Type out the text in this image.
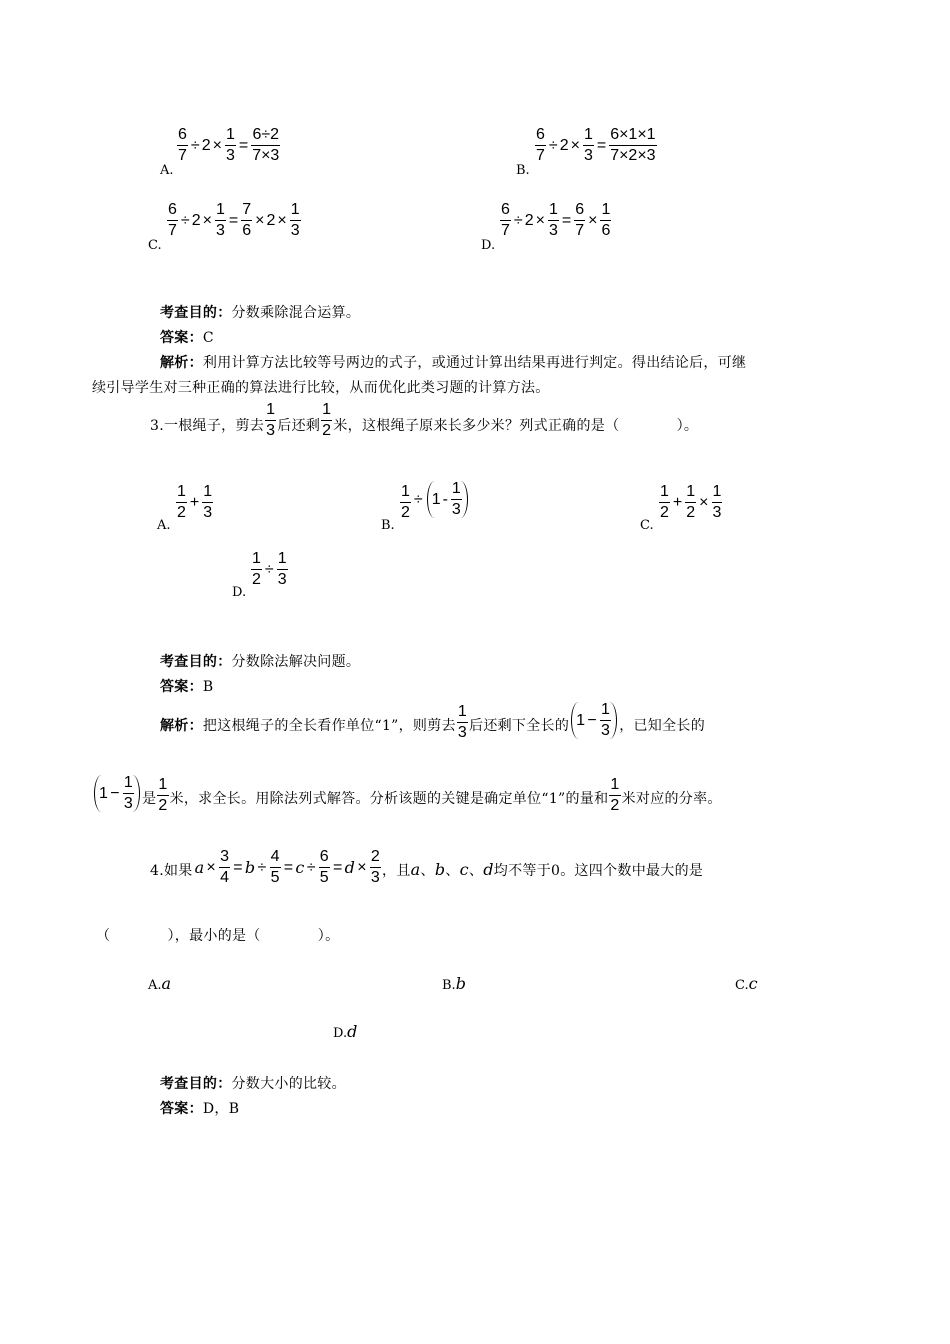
A.
$\frac{6}{7} \div 2 \times \frac{1}{3} = \frac{6\div 2}{7\times 3}$
B.
$\frac{6}{7} \div 2 \times \frac{1}{3} = \frac{6\times 1\times 1}{7\times 2\times 3}$
C.
$\frac{6}{7} \div 2 \times \frac{1}{3} = \frac{7}{6} \times 2 \times \frac{1}{3}$
D.
$\frac{6}{7} \div 2 \times \frac{1}{3} = \frac{6}{7} \times \frac{1}{6}$
考查目的：分数乘除混合运算。
答案：C
解析：利用计算方法比较等号两边的式子，或通过计算出结果再进行判定。得出结论后，可继
续引导学生对三种正确的算法进行比较，从而优化此类习题的计算方法。
3.一根绳子，剪去
1
3 后还剩
1
2 米，这根绳子原来长多少米？列式正确的是（　　　　）。
A.
1
2
+ $\frac{1}{3}$
B.
$\frac{1}{2} \div 1$ -
1
3
C.
1
2
+ $\frac{1}{2} \times \frac{1}{3}$
D.
$\frac{1}{2} \div \frac{1}{3}$
考查目的：分数除法解决问题。
答案：B
解析： 把这根绳子的全长看作单位“1”，则剪去
1
3 后还剩下全长的 $1 - \frac{1}{3}$ ，已知全长的
$1 - \frac{1}{3}$ 是
1
2 米，求全长。用除法列式解答。分析该题的关键是确定单位“1”的量和
1
2 米对应的分率。
4.如果 $a \times \frac{3}{4} = b \div \frac{4}{5} = c \div \frac{6}{5} = d \times \frac{2}{3}$ ，且 a、b、c、d 均不等于0。这四个数中最大的是
（　　　　），最小的是（　　　　）。
A.a	B.b	C.c
D.d
考查目的：分数大小的比较。
答案：D，B
